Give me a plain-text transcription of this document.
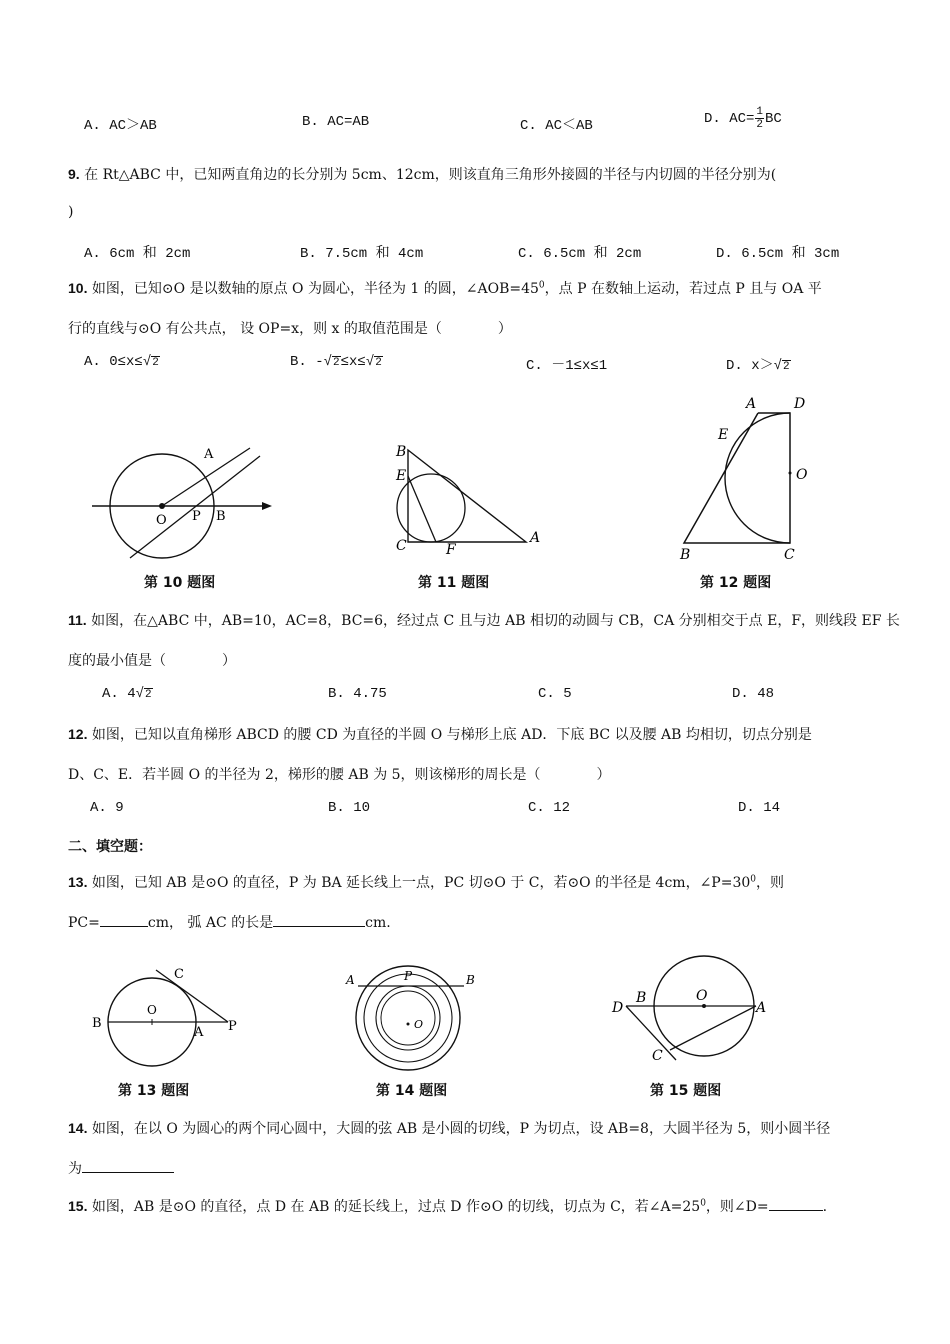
A. AC＞AB	B. AC=AB	C. AC＜AB	D. $AC= \frac{1}{2}$ BC
9. 在 Rt△ABC 中，已知两直角边的长分别为 5cm、12cm，则该直角三角形外接圆的半径与内切圆的半径分别为(
)
A. 6cm 和 2cm	B. 7.5cm 和 4cm	C. 6.5cm 和 2cm	D. 6.5cm 和 3cm
10. 如图，已知⊙O 是以数轴的原点 O 为圆心，半径为 1 的圆，$\angle AOB=45^0$，点 P 在数轴上运动，若过点 P 且与 OA 平
行的直线与⊙O 有公共点， 设 OP=x，则 x 的取值范围是（　　　　）
A. 0≤x≤√2	B. -√2≤x≤√2	C. －1≤x≤1	D. x＞√2
A
O P B
B
E
C	F
A
A	D
E
O
B	C
第 10 题图	第 11 题图	第 12 题图
11. 如图，在△ABC 中，AB=10，AC=8，BC=6，经过点 C 且与边 AB 相切的动圆与 CB，CA 分别相交于点 E，F，则线段 EF 长
度的最小值是（　　　　）
A. 4√2	B. 4.75	C. 5	D. 48
12. 如图，已知以直角梯形 ABCD 的腰 CD 为直径的半圆 O 与梯形上底 AD．下底 BC 以及腰 AB 均相切，切点分别是
D、C、E．若半圆 O 的半径为 2，梯形的腰 AB 为 5，则该梯形的周长是（　　　　）
A. 9	B. 10	C. 12	D. 14
二、填空题：
13. 如图，已知 AB 是⊙O 的直径，P 为 BA 延长线上一点，PC 切⊙O 于 C，若⊙O 的半径是 4cm，$\angle P=30^0$，则
PC=	cm， 弧 AC 的长是	cm.
C
B
O
A P
A	P	B
O
D
B	O
A
C
第 13 题图	第 14 题图	第 15 题图
14. 如图，在以 O 为圆心的两个同心圆中，大圆的弦 AB 是小圆的切线，P 为切点，设 AB=8，大圆半径为 5，则小圆半径
为
15. 如图，AB 是⊙O 的直径，点 D 在 AB 的延长线上，过点 D 作⊙O 的切线，切点为 C，若$\angle A=25^0$，则∠D=	.
